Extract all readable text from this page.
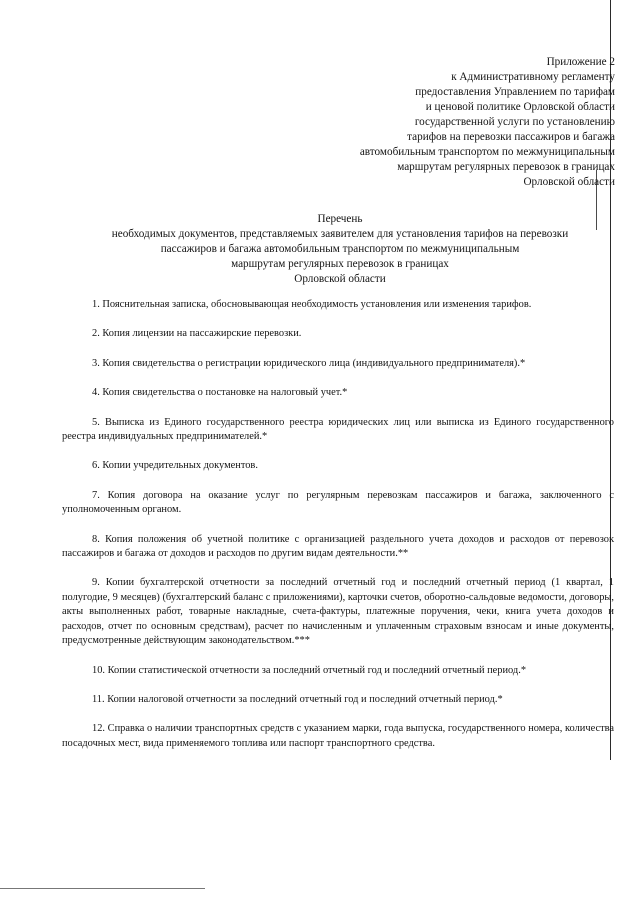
Приложение 2
к Административному регламенту
предоставления Управлением по тарифам
и ценовой политике Орловской области
государственной услуги по установлению
тарифов на перевозки пассажиров и багажа
автомобильным транспортом по межмуниципальным
маршрутам регулярных перевозок в границах
Орловской области
Перечень
необходимых документов, представляемых заявителем для установления тарифов на перевозки
пассажиров и багажа автомобильным транспортом по межмуниципальным
маршрутам регулярных перевозок в границах
Орловской области

1. Пояснительная записка, обосновывающая необходимость установления или изменения тарифов.

2. Копия лицензии на пассажирские перевозки.

3. Копия свидетельства о регистрации юридического лица (индивидуального предпринимателя).*

4. Копия свидетельства о постановке на налоговый учет.*

5. Выписка из Единого государственного реестра юридических лиц или выписка из Единого государственного реестра индивидуальных предпринимателей.*

6. Копии учредительных документов.

7. Копия договора на оказание услуг по регулярным перевозкам пассажиров и багажа, заключенного с уполномоченным органом.

8. Копия положения об учетной политике с организацией раздельного учета доходов и расходов от перевозок пассажиров и багажа от доходов и расходов по другим видам деятельности.**

9. Копии бухгалтерской отчетности за последний отчетный год и последний отчетный период (1 квартал, 1 полугодие, 9 месяцев) (бухгалтерский баланс с приложениями), карточки счетов, оборотно-сальдовые ведомости, договоры, акты выполненных работ, товарные накладные, счета-фактуры, платежные поручения, чеки, книга учета доходов и расходов, отчет по основным средствам), расчет по начисленным и уплаченным страховым взносам и иные документы, предусмотренные действующим законодательством.***

10. Копии статистической отчетности за последний отчетный год и последний отчетный период.*

11. Копии налоговой отчетности за последний отчетный год и последний отчетный период.*

12. Справка о наличии транспортных средств с указанием марки, года выпуска, государственного номера, количества посадочных мест, вида применяемого топлива или паспорт транспортного средства.
